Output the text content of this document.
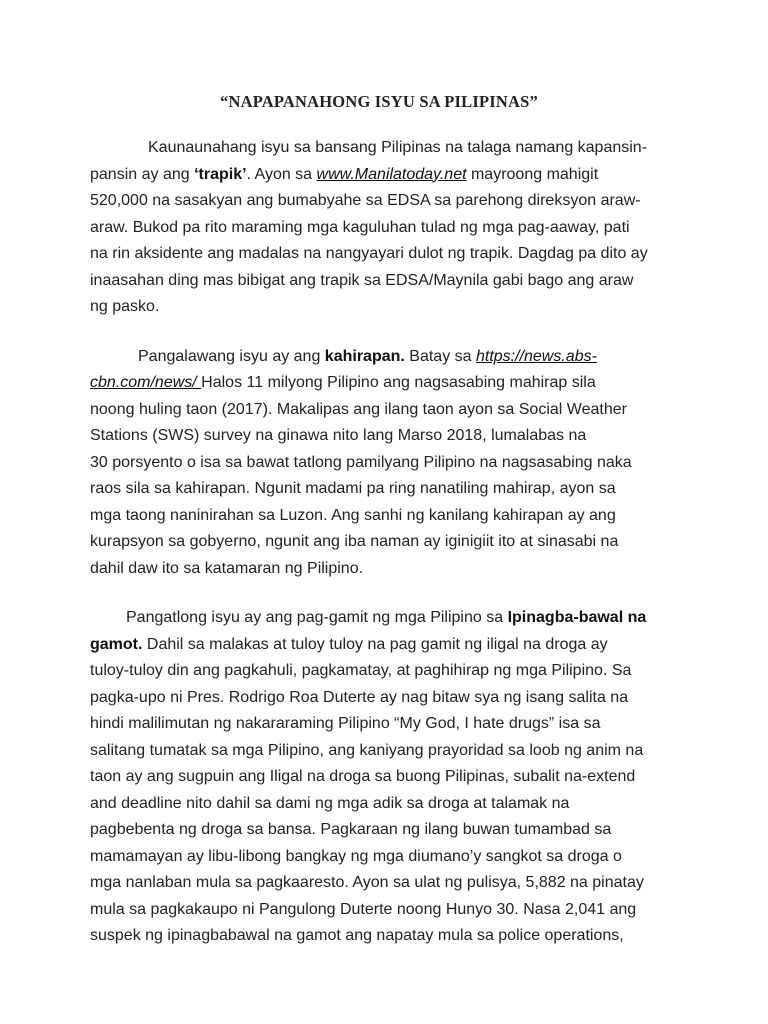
“NAPAPANAHONG ISYU SA PILIPINAS”
Kaunaunahang isyu sa bansang Pilipinas na talaga namang kapansin-
pansin ay ang ‘trapik’. Ayon sa www.Manilatoday.net mayroong mahigit
520,000 na sasakyan ang bumabyahe sa EDSA sa parehong direksyon araw-
araw. Bukod pa rito maraming mga kaguluhan tulad ng mga pag-aaway, pati
na rin aksidente ang madalas na nangyayari dulot ng trapik. Dagdag pa dito ay
inaasahan ding mas bibigat ang trapik sa EDSA/Maynila gabi bago ang araw
ng pasko.
Pangalawang isyu ay ang kahirapan. Batay sa https://news.abs-
cbn.com/news/ Halos 11 milyong Pilipino ang nagsasabing mahirap sila
noong huling taon (2017). Makalipas ang ilang taon ayon sa Social Weather
Stations (SWS) survey na ginawa nito lang Marso 2018, lumalabas na
30 porsyento o isa sa bawat tatlong pamilyang Pilipino na nagsasabing naka
raos sila sa kahirapan. Ngunit madami pa ring nanatiling mahirap, ayon sa
mga taong naninirahan sa Luzon. Ang sanhi ng kanilang kahirapan ay ang
kurapsyon sa gobyerno, ngunit ang iba naman ay iginigiit ito at sinasabi na
dahil daw ito sa katamaran ng Pilipino.
Pangatlong isyu ay ang pag-gamit ng mga Pilipino sa Ipinagba-bawal na
gamot. Dahil sa malakas at tuloy tuloy na pag gamit ng iligal na droga ay
tuloy-tuloy din ang pagkahuli, pagkamatay, at paghihirap ng mga Pilipino. Sa
pagka-upo ni Pres. Rodrigo Roa Duterte ay nag bitaw sya ng isang salita na
hindi malilimutan ng nakararaming Pilipino “My God, I hate drugs” isa sa
salitang tumatak sa mga Pilipino, ang kaniyang prayoridad sa loob ng anim na
taon ay ang sugpuin ang Iligal na droga sa buong Pilipinas, subalit na-extend
and deadline nito dahil sa dami ng mga adik sa droga at talamak na
pagbebenta ng droga sa bansa. Pagkaraan ng ilang buwan tumambad sa
mamamayan ay libu-libong bangkay ng mga diumano’y sangkot sa droga o
mga nanlaban mula sa pagkaaresto. Ayon sa ulat ng pulisya, 5,882 na pinatay
mula sa pagkakaupo ni Pangulong Duterte noong Hunyo 30. Nasa 2,041 ang
suspek ng ipinagbabawal na gamot ang napatay mula sa police operations,
